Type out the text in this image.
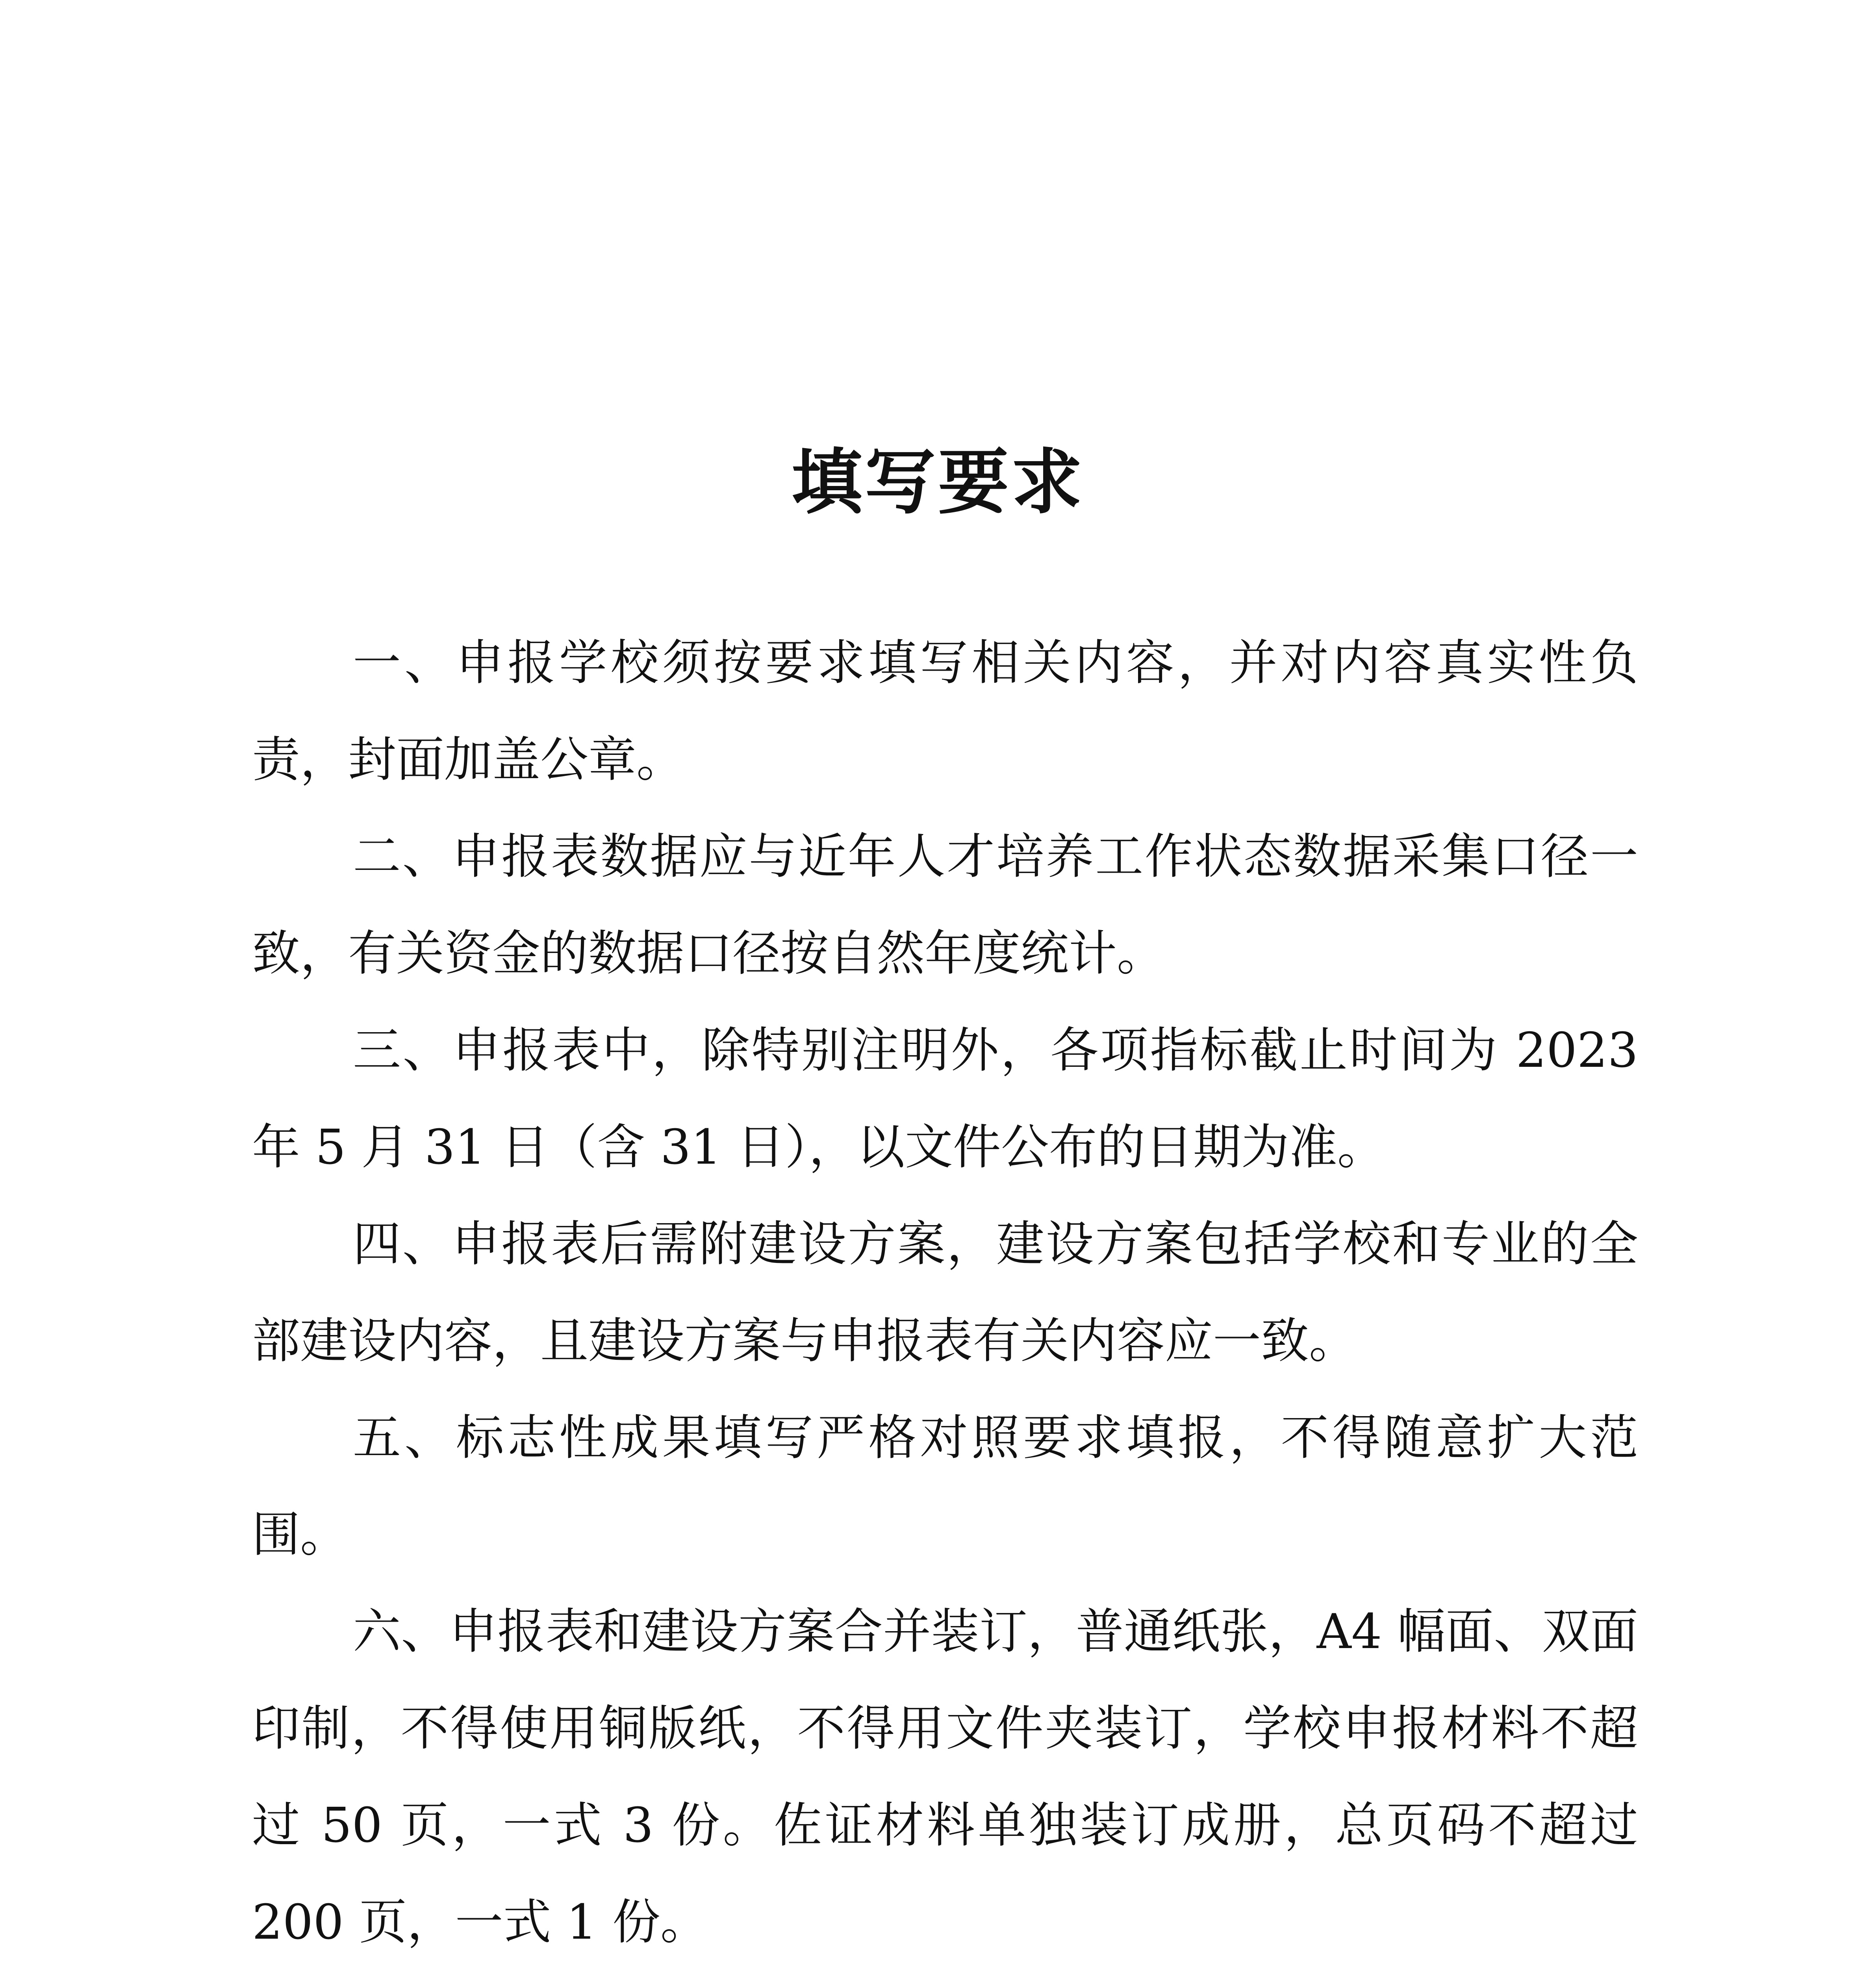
填写要求

一、申报学校须按要求填写相关内容，并对内容真实性负责，封面加盖公章。

二、申报表数据应与近年人才培养工作状态数据采集口径一致，有关资金的数据口径按自然年度统计。

三、申报表中，除特别注明外，各项指标截止时间为 2023 年 5 月 31 日（含 31 日），以文件公布的日期为准。

四、申报表后需附建设方案，建设方案包括学校和专业的全部建设内容，且建设方案与申报表有关内容应一致。

五、标志性成果填写严格对照要求填报，不得随意扩大范围。

六、申报表和建设方案合并装订，普通纸张，A4 幅面、双面印制，不得使用铜版纸，不得用文件夹装订，学校申报材料不超过 50 页，一式 3 份。佐证材料单独装订成册，总页码不超过 200 页，一式 1 份。
